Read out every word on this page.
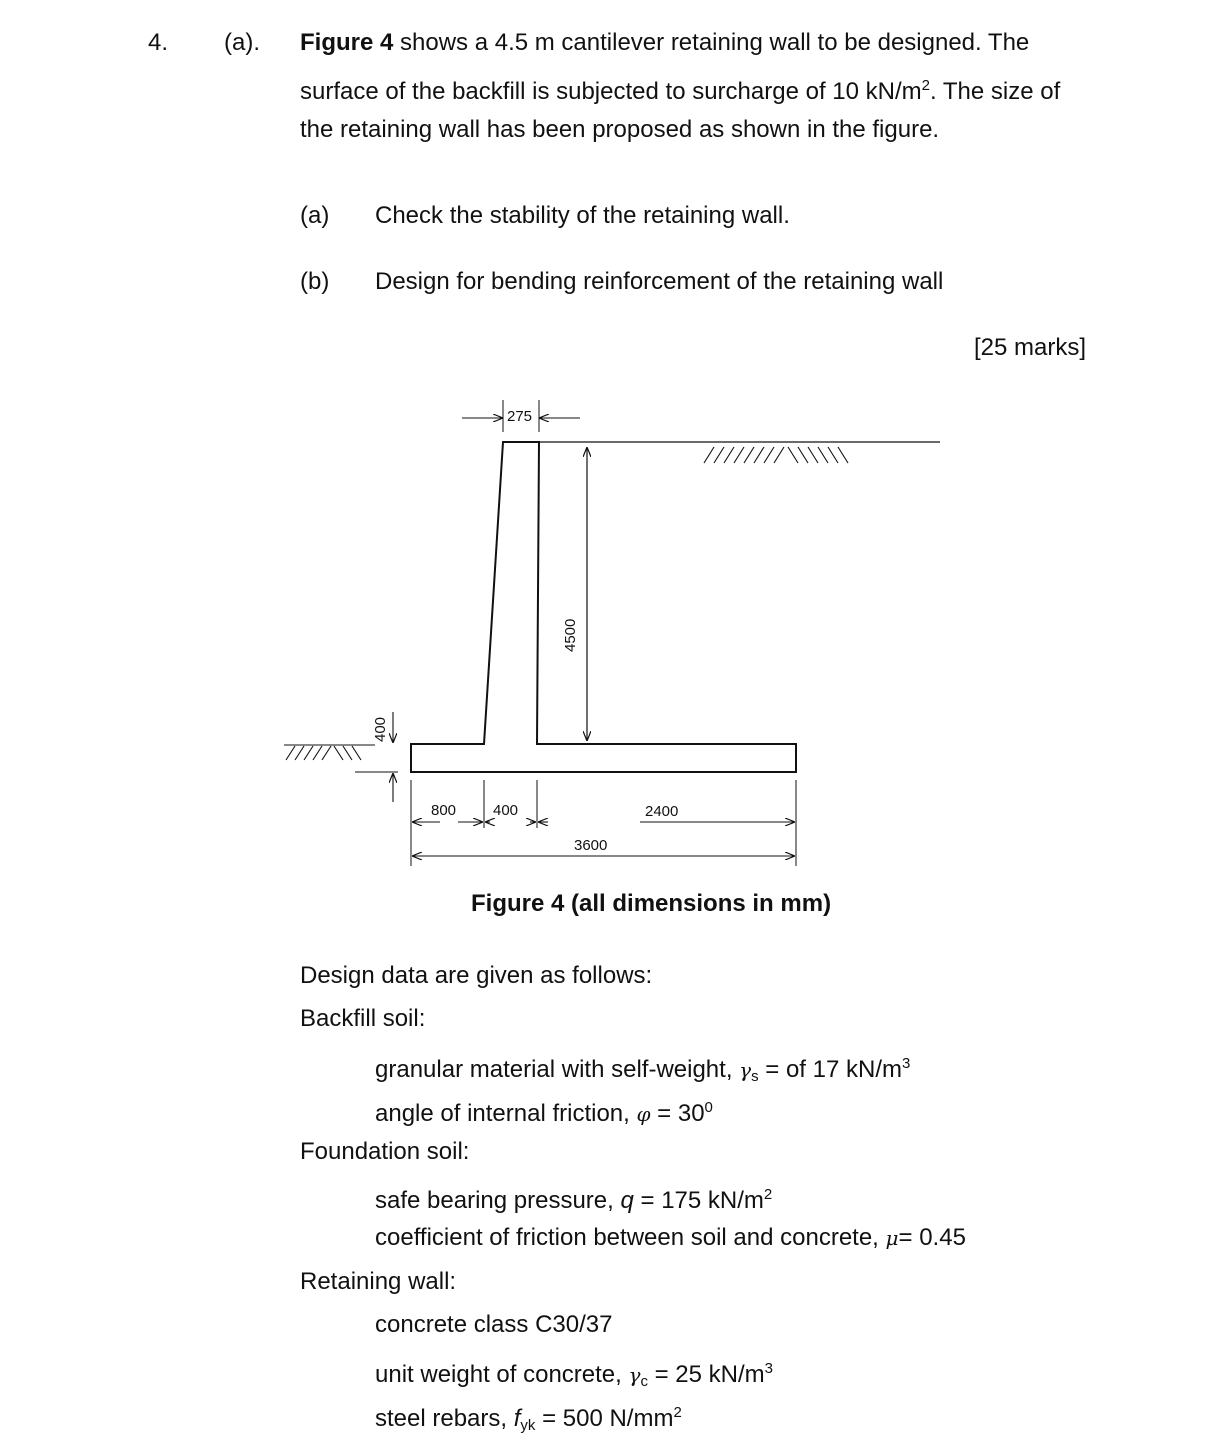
4. (a). Figure 4 shows a 4.5 m cantilever retaining wall to be designed. The
surface of the backfill is subjected to surcharge of 10 $kN/m^2$. The size of
the retaining wall has been proposed as shown in the figure.
(a) Check the stability of the retaining wall.
(b) Design for bending reinforcement of the retaining wall
[25 marks]
275
4500
400
800 400	2400
3600
Figure 4 (all dimensions in mm)
Design data are given as follows:
Backfill soil:
granular material with self-weight, $\gamma_s$ = of 17 $kN/m^3$
angle of internal friction, $\varphi = 30^0$
Foundation soil:
safe bearing pressure, q = 175 $kN/m^2$
coefficient of friction between soil and concrete, μ= 0.45
Retaining wall:
concrete class C30/37
unit weight of concrete, $\gamma_c = 25$ $kN/m^3$
steel rebars, $f_{yk} = 500$ $N/mm^2$
